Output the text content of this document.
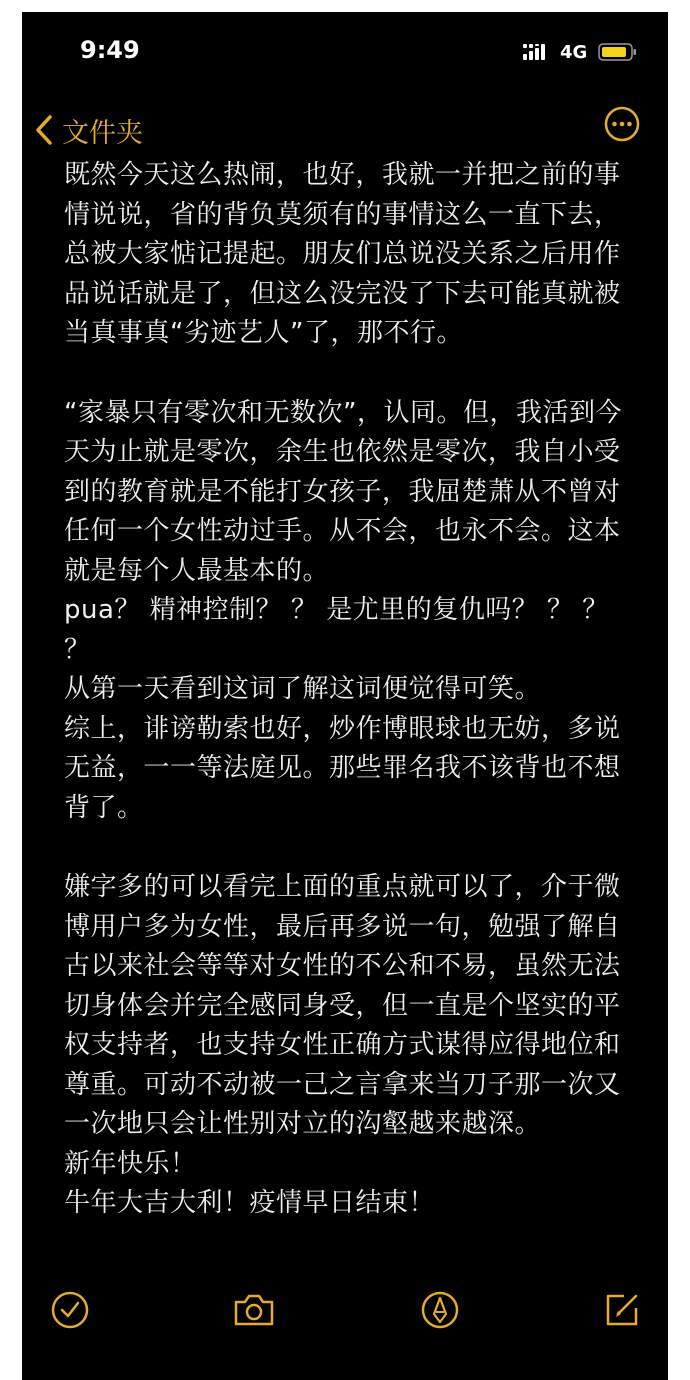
9:49	4G
文件夹

既然今天这么热闹，也好，我就一并把之前的事情说说，省的背负莫须有的事情这么一直下去，总被大家惦记提起。朋友们总说没关系之后用作品说话就是了，但这么没完没了下去可能真就被当真事真“劣迹艺人”了，那不行。

“家暴只有零次和无数次”，认同。但，我活到今天为止就是零次，余生也依然是零次，我自小受到的教育就是不能打女孩子，我屈楚萧从不曾对任何一个女性动过手。从不会，也永不会。这本就是每个人最基本的。

pua？ 精神控制？ ？ 是尤里的复仇吗？ ？ ？ ？

从第一天看到这词了解这词便觉得可笑。

综上，诽谤勒索也好，炒作博眼球也无妨，多说无益，一一等法庭见。那些罪名我不该背也不想背了。

嫌字多的可以看完上面的重点就可以了，介于微博用户多为女性，最后再多说一句，勉强了解自古以来社会等等对女性的不公和不易，虽然无法切身体会并完全感同身受，但一直是个坚实的平权支持者，也支持女性正确方式谋得应得地位和尊重。可动不动被一己之言拿来当刀子那一次又一次地只会让性别对立的沟壑越来越深。

新年快乐！

牛年大吉大利！疫情早日结束！
